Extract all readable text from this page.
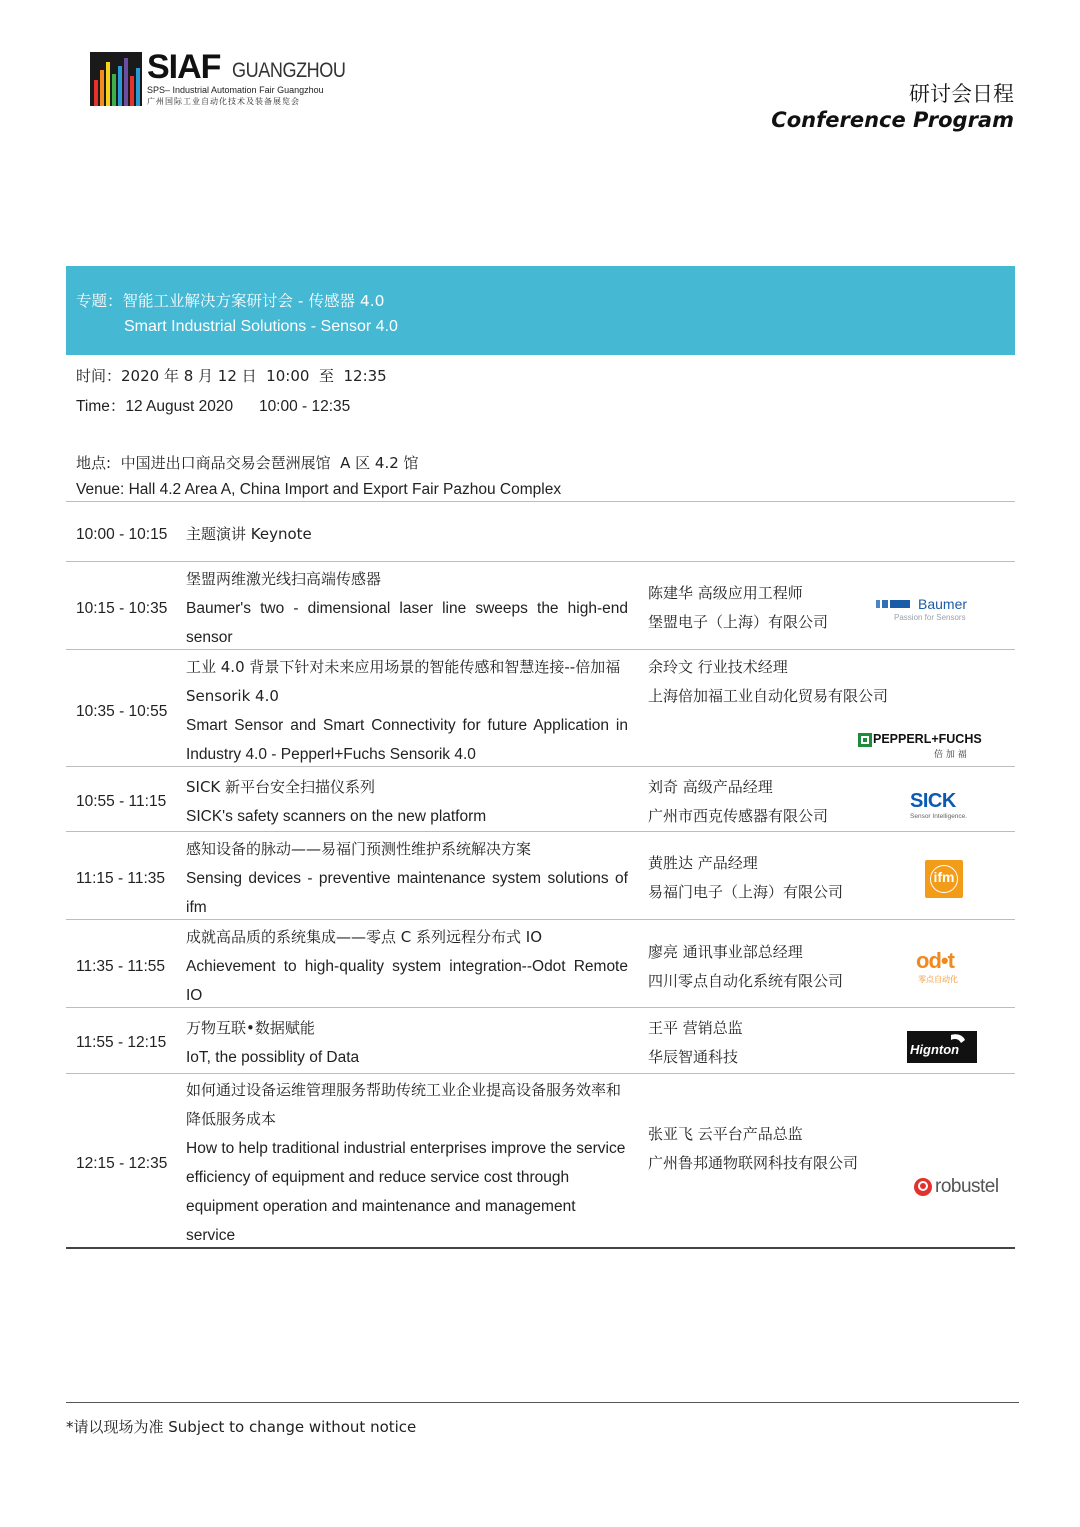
SIAF GUANGZHOU
SPS– Industrial Automation Fair Guangzhou
广州国际工业自动化技术及装备展览会	研讨会日程
Conference Program
专题：智能工业解决方案研讨会 - 传感器 4.0
Smart Industrial Solutions - Sensor 4.0
时间：2020 年 8 月 12 日  10:00  至  12:35
Time：12 August 2020      10:00 - 12:35
地点:  中国进出口商品交易会琶洲展馆  A 区 4.2 馆
Venue: Hall 4.2 Area A, China Import and Export Fair Pazhou Complex
10:00 - 10:15 主题演讲 Keynote
10:15 - 10:35
堡盟两维激光线扫高端传感器
Baumer's two - dimensional laser line sweeps the high-end sensor
陈建华 高级应用工程师
堡盟电子（上海）有限公司
Baumer
Passion for Sensors
10:35 - 10:55
工业 4.0 背景下针对未来应用场景的智能传感和智慧连接--倍加福 Sensorik 4.0
Smart Sensor and Smart Connectivity for future Application in Industry 4.0 - Pepperl+Fuchs Sensorik 4.0
余玲文 行业技术经理
上海倍加福工业自动化贸易有限公司
PEPPERL+FUCHS
倍 加 福
10:55 - 11:15
SICK 新平台安全扫描仪系列
SICK's safety scanners on the new platform
刘奇 高级产品经理
广州市西克传感器有限公司
SICK
Sensor Intelligence.
11:15 - 11:35
感知设备的脉动——易福门预测性维护系统解决方案
Sensing devices - preventive maintenance system solutions of ifm
黄胜达 产品经理
易福门电子（上海）有限公司
ifm
11:35 - 11:55
成就高品质的系统集成——零点 C 系列远程分布式 IO
Achievement to high-quality system integration--Odot Remote IO
廖亮 通讯事业部总经理
四川零点自动化系统有限公司
od•t
零点自动化
11:55 - 12:15
万物互联•数据赋能
IoT, the possiblity of Data
王平 营销总监
华辰智通科技	Hignton
12:15 - 12:35
如何通过设备运维管理服务帮助传统工业企业提高设备服务效率和降低服务成本
How to help traditional industrial enterprises improve the service efficiency of equipment and reduce service cost through equipment operation and maintenance and management service
张亚飞 云平台产品总监
广州鲁邦通物联网科技有限公司
robustel
*请以现场为准 Subject to change without notice
